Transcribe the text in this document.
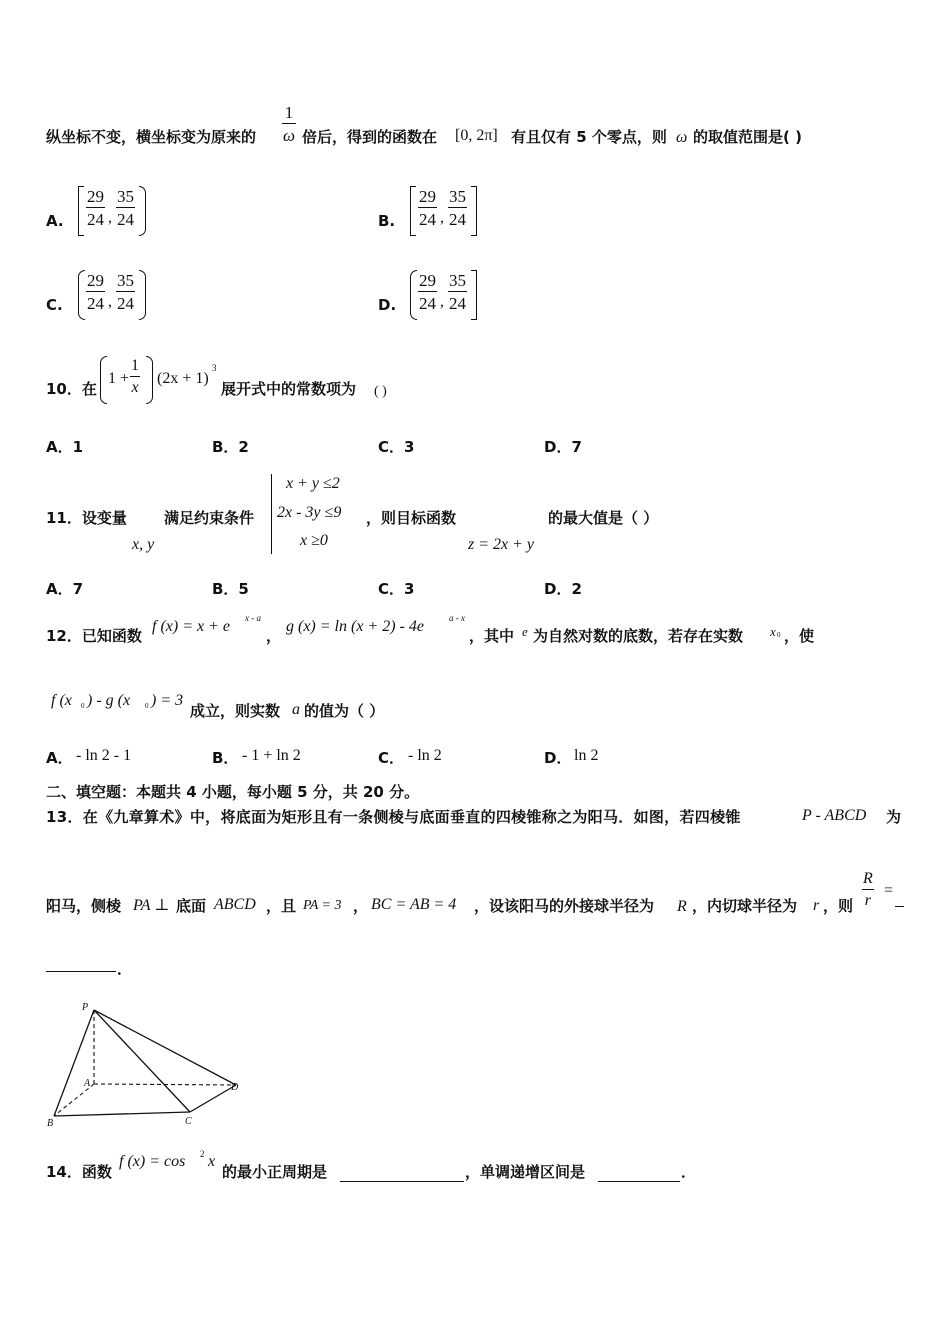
纵坐标不变，横坐标变为原来的 $\frac{1}{\omega}$ 倍后，得到的函数在 [0, 2π] 有且仅有 5 个零点，则 ω 的取值范围是( )
A. $\frac{29}{24}$ , $\frac{35}{24}$	B. $\frac{29}{24}$ , $\frac{35}{24}$
C. $\frac{29}{24}$ , $\frac{35}{24}$	D. $\frac{29}{24}$ , $\frac{35}{24}$
10．在
$1 + \frac{1}{x} (2x + 1)$
3
展开式中的常数项为 ( )
A．1	B．2	C．3	D．7
11．设变量
x, y
满足约束条件
x + y ≤2
2x - 3y ≤9
x ≥0
，则目标函数
z = 2x + y
的最大值是（ ）
A．7	B．5	C．3	D．2
12．已知函数
f (x) = x + e x - a
，
g (x) = ln (x + 2) - 4e	a - x
，其中 e 为自然对数的底数，若存在实数 x 0 ，使
f (x 0 ) - g (x 0 ) = 3
成立，则实数 a 的值为（ ）
A． - ln 2 - 1	B． - 1 + ln 2	C． - ln 2	D． ln 2
二、填空题：本题共 4 小题，每小题 5 分，共 20 分。
13．在《九章算术》中，将底面为矩形且有一条侧棱与底面垂直的四棱锥称之为阳马．如图，若四棱锥	P - ABCD 为
阳马，侧棱 PA ⊥ 底面 ABCD ，且 PA = 3 ， BC = AB = 4 ，设该阳马的外接球半径为 R ，内切球半径为 r ，则 $\frac{R}{r}$ =
．
P
A
B	C
D
14．函数
f (x) = cos 2 x
的最小正周期是	，单调递增区间是	．
